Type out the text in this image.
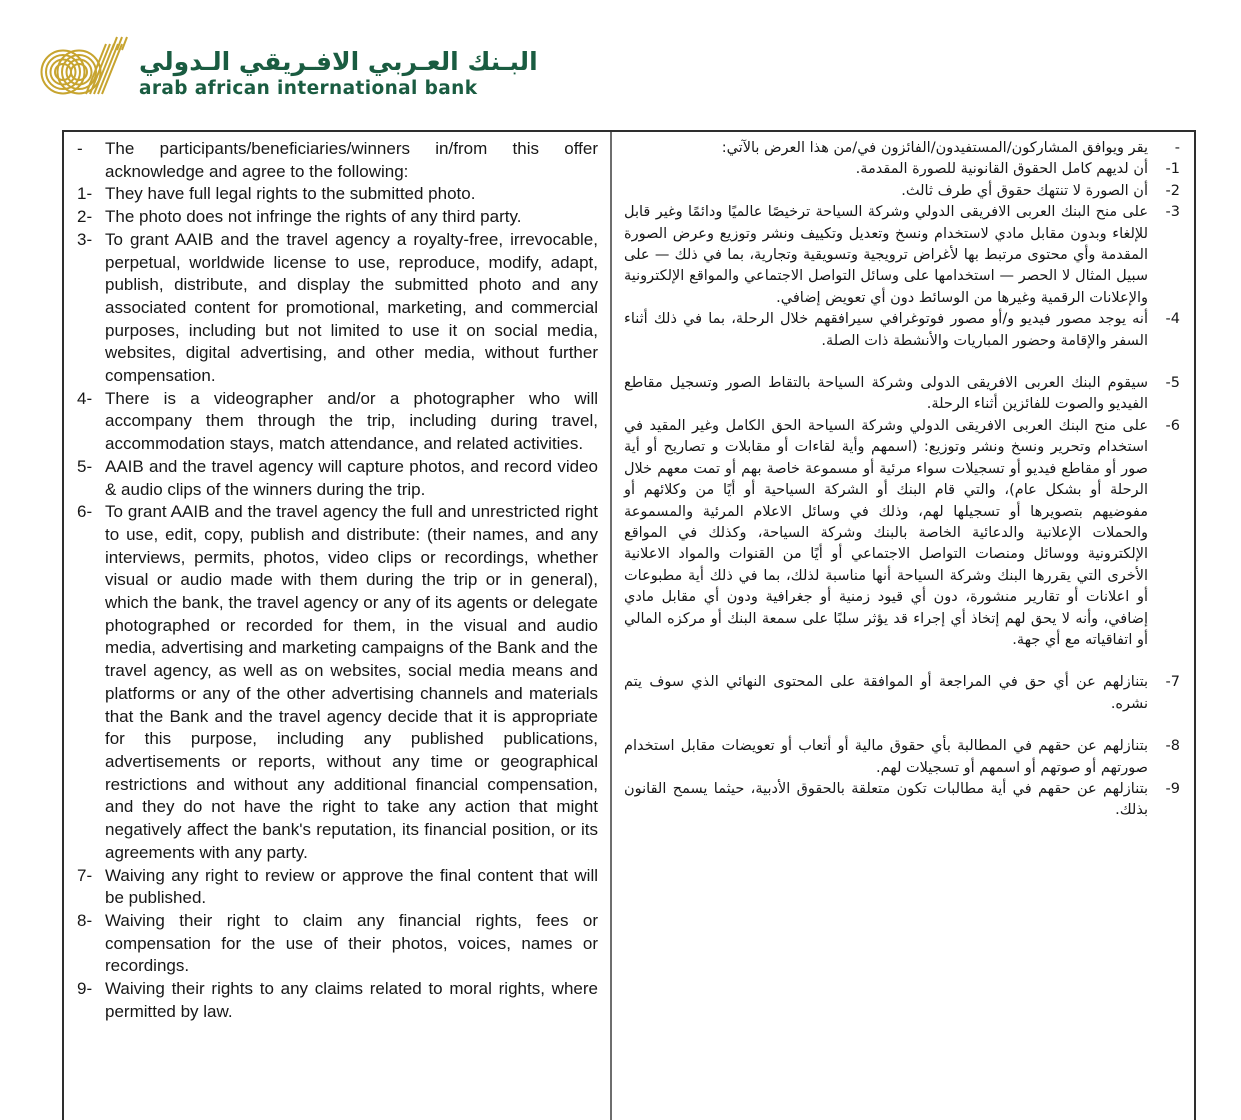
البـنك العـربي الافـريقي الـدولي
arab african international bank
- The participants/beneficiaries/winners in/from this offer acknowledge and agree to the following:
1- They have full legal rights to the submitted photo.
2- The photo does not infringe the rights of any third party.
3- To grant AAIB and the travel agency a royalty-free, irrevocable, perpetual, worldwide license to use, reproduce, modify, adapt, publish, distribute, and display the submitted photo and any associated content for promotional, marketing, and commercial purposes, including but not limited to use it on social media, websites, digital advertising, and other media, without further compensation.
4- There is a videographer and/or a photographer who will accompany them through the trip, including during travel, accommodation stays, match attendance, and related activities.
5- AAIB and the travel agency will capture photos, and record video & audio clips of the winners during the trip.
6- To grant AAIB and the travel agency the full and unrestricted right to use, edit, copy, publish and distribute: (their names, and any interviews, permits, photos, video clips or recordings, whether visual or audio made with them during the trip or in general), which the bank, the travel agency or any of its agents or delegate photographed or recorded for them, in the visual and audio media, advertising and marketing campaigns of the Bank and the travel agency, as well as on websites, social media means and platforms or any of the other advertising channels and materials that the Bank and the travel agency decide that it is appropriate for this purpose, including any published publications, advertisements or reports, without any time or geographical restrictions and without any additional financial compensation, and they do not have the right to take any action that might negatively affect the bank's reputation, its financial position, or its agreements with any party.
7- Waiving any right to review or approve the final content that will be published.
8- Waiving their right to claim any financial rights, fees or compensation for the use of their photos, voices, names or recordings.
9- Waiving their rights to any claims related to moral rights, where permitted by law.
-
يقر ويوافق المشاركون/المستفيدون/الفائزون في/من هذا العرض بالآتي:
-1
أن لديهم كامل الحقوق القانونية للصورة المقدمة.
-2
أن الصورة لا تنتهك حقوق أي طرف ثالث.
-3
على منح البنك العربى الافريقى الدولي وشركة السياحة ترخيصًا عالميًا ودائمًا وغير قابل للإلغاء وبدون مقابل مادي لاستخدام ونسخ وتعديل وتكييف ونشر وتوزيع وعرض الصورة المقدمة وأي محتوى مرتبط بها لأغراض ترويجية وتسويقية وتجارية، بما في ذلك — على سبيل المثال لا الحصر — استخدامها على وسائل التواصل الاجتماعي والمواقع الإلكترونية والإعلانات الرقمية وغيرها من الوسائط دون أي تعويض إضافي.
-4
أنه يوجد مصور فيديو و/أو مصور فوتوغرافي سيرافقهم خلال الرحلة، بما في ذلك أثناء السفر والإقامة وحضور المباريات والأنشطة ذات الصلة.
-5
سيقوم البنك العربى الافريقى الدولى وشركة السياحة بالتقاط الصور وتسجيل مقاطع الفيديو والصوت للفائزين أثناء الرحلة.
-6
على منح البنك العربى الافريقى الدولي وشركة السياحة الحق الكامل وغير المقيد في استخدام وتحرير ونسخ ونشر وتوزيع: (اسمهم وأية لقاءات أو مقابلات و تصاريح أو أية صور أو مقاطع فيديو أو تسجيلات سواء مرئية أو مسموعة خاصة بهم أو تمت معهم خلال الرحلة أو بشكل عام)، والتي قام البنك أو الشركة السياحية أو أيًا من وكلائهم أو مفوضيهم بتصويرها أو تسجيلها لهم، وذلك في وسائل الاعلام المرئية والمسموعة والحملات الإعلانية والدعائية الخاصة بالبنك وشركة السياحة، وكذلك في المواقع الإلكترونية ووسائل ومنصات التواصل الاجتماعي أو أيًا من القنوات والمواد الاعلانية الأخرى التي يقررها البنك وشركة السياحة أنها مناسبة لذلك، بما في ذلك أية مطبوعات أو اعلانات أو تقارير منشورة، دون أي قيود زمنية أو جغرافية ودون أي مقابل مادي إضافي، وأنه لا يحق لهم إتخاذ أي إجراء قد يؤثر سلبًا على سمعة البنك أو مركزه المالي أو اتفاقياته مع أي جهة.
-7
بتنازلهم عن أي حق في المراجعة أو الموافقة على المحتوى النهائي الذي سوف يتم نشره.
-8
بتنازلهم عن حقهم في المطالبة بأي حقوق مالية أو أتعاب أو تعويضات مقابل استخدام صورتهم أو صوتهم أو اسمهم أو تسجيلات لهم.
-9
بتنازلهم عن حقهم في أية مطالبات تكون متعلقة بالحقوق الأدبية، حيثما يسمح القانون بذلك.
